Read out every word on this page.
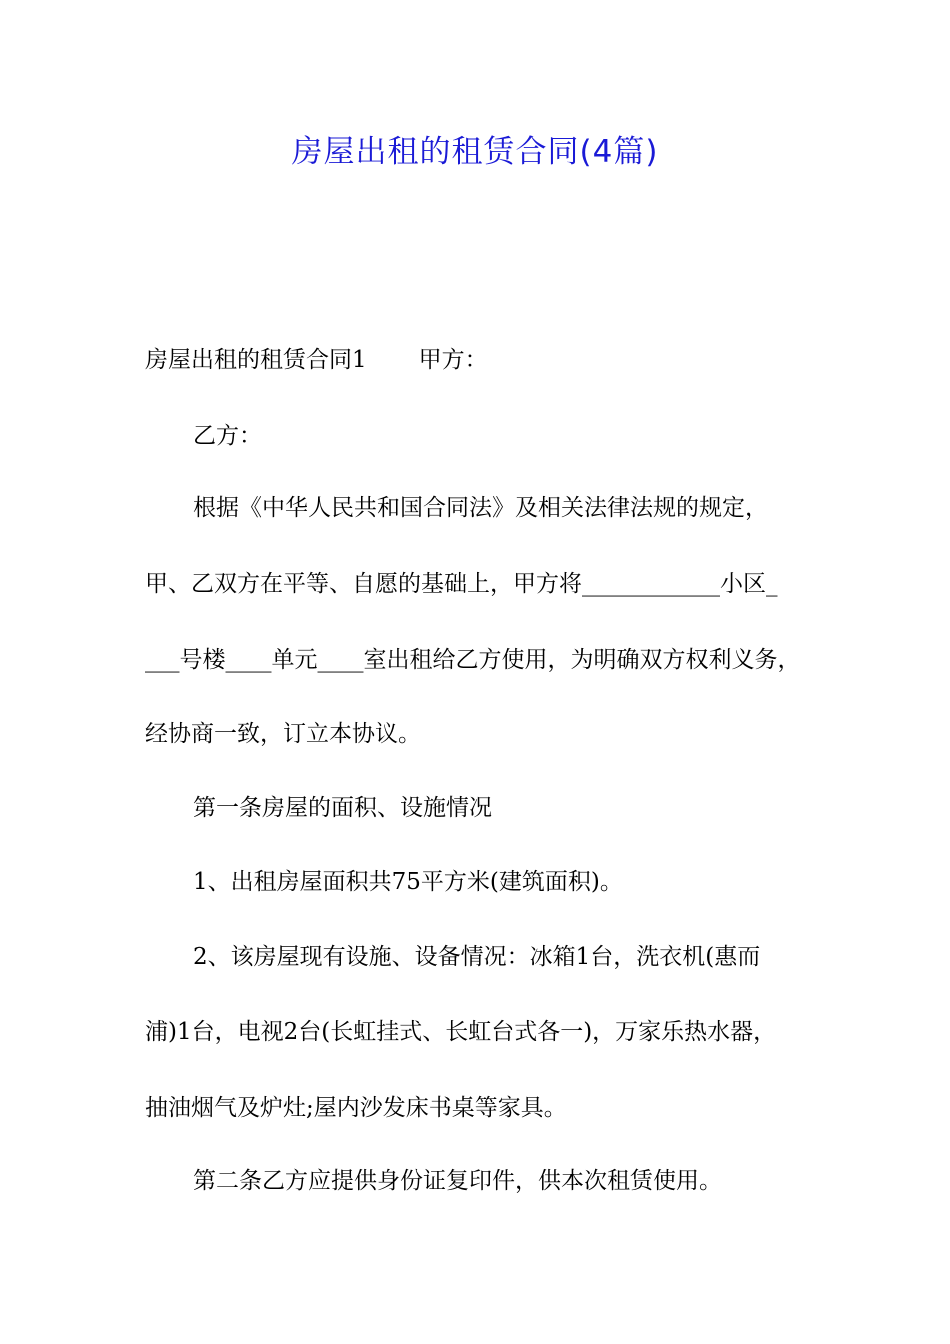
房屋出租的租赁合同(4篇)

房屋出租的租赁合同1 甲方：

乙方：

根据《中华人民共和国合同法》及相关法律法规的规定，

甲、乙双方在平等、自愿的基础上，甲方将____________小区_

___号楼____单元____室出租给乙方使用，为明确双方权利义务，

经协商一致，订立本协议。

第一条房屋的面积、设施情况

1、出租房屋面积共75平方米(建筑面积)。

2、该房屋现有设施、设备情况：冰箱1台，洗衣机(惠而

浦)1台，电视2台(长虹挂式、长虹台式各一)，万家乐热水器，

抽油烟气及炉灶;屋内沙发床书桌等家具。

第二条乙方应提供身份证复印件，供本次租赁使用。
